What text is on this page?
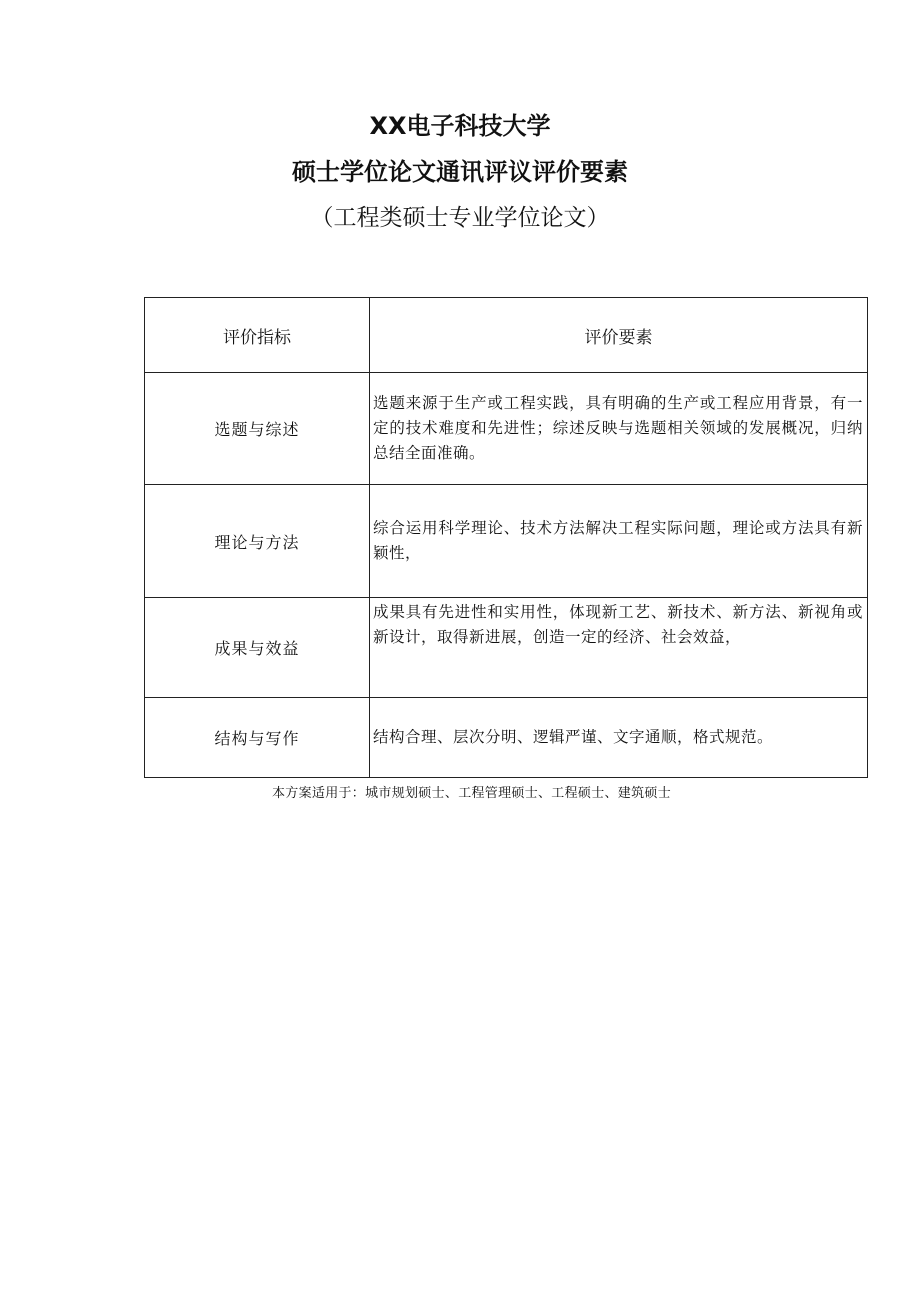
XX电子科技大学
硕士学位论文通讯评议评价要素
（工程类硕士专业学位论文）
评价指标	评价要素
选题与综述	选题来源于生产或工程实践，具有明确的生产或工程应用背景，有一定的技术难度和先进性；综述反映与选题相关领域的发展概况，归纳总结全面准确。
理论与方法	综合运用科学理论、技术方法解决工程实际问题，理论或方法具有新颖性，
成果与效益	成果具有先进性和实用性，体现新工艺、新技术、新方法、新视角或新设计，取得新进展，创造一定的经济、社会效益，
结构与写作	结构合理、层次分明、逻辑严谨、文字通顺，格式规范。
本方案适用于：城市规划硕士、工程管理硕士、工程硕士、建筑硕士
